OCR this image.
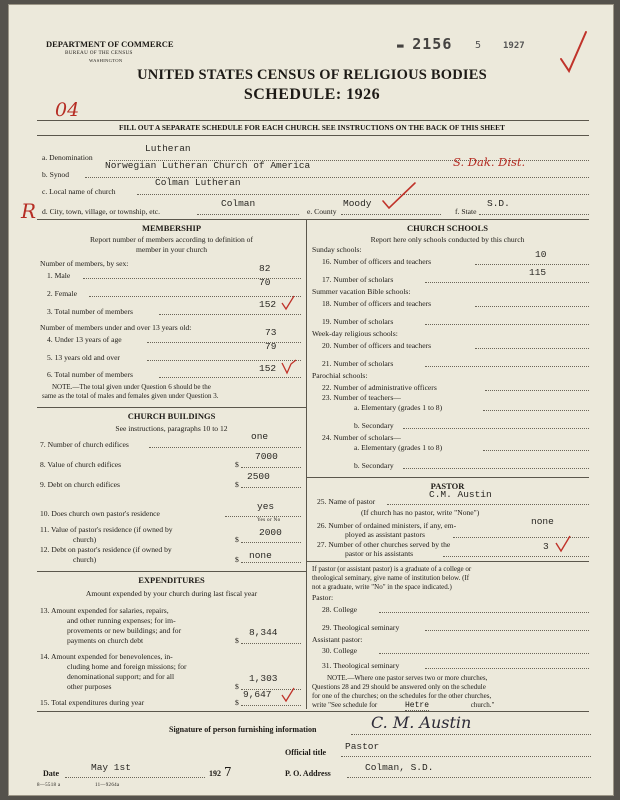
DEPARTMENT OF COMMERCE
BUREAU OF THE CENSUS
WASHINGTON
▬ 2156 5 1927
UNITED STATES CENSUS OF RELIGIOUS BODIES
SCHEDULE: 1926
04
FILL OUT A SEPARATE SCHEDULE FOR EACH CHURCH. SEE INSTRUCTIONS ON THE BACK OF THIS SHEET
a. Denomination
Lutheran
b. Synod
Norwegian Lutheran Church of America	S. Dak. Dist.
c. Local name of church
Colman Lutheran
R d. City, town, village, or township, etc.
Colman
e. County
Moody
f. State
S.D.
MEMBERSHIP
Report number of members according to definition of
member in your church
Number of members, by sex:
1. Male
82
2. Female
70
3. Total number of members
152
Number of members under and over 13 years old:
4. Under 13 years of age
73
5. 13 years old and over
79
6. Total number of members
152
NOTE.—The total given under Question 6 should be the
same as the total of males and females given under Question 3.
CHURCH BUILDINGS
See instructions, paragraphs 10 to 12
7. Number of church edifices
one
8. Value of church edifices	$
7000
9. Debt on church edifices	$
2500
10. Does church own pastor's residence
yes
Yes or No
11. Value of pastor's residence (if owned by
church)	$
2000
12. Debt on pastor's residence (if owned by
church)	$ none
EXPENDITURES
Amount expended by your church during last fiscal year
13. Amount expended for salaries, repairs,
and other running expenses; for im-
provements or new buildings; and for
payments on church debt	$
8,344
14. Amount expended for benevolences, in-
cluding home and foreign missions; for
denominational support; and for all
other purposes	$
1,303
15. Total expenditures during year	$
9,647
CHURCH SCHOOLS
Report here only schools conducted by this church
Sunday schools:
16. Number of officers and teachers
10
17. Number of scholars
115
Summer vacation Bible schools:
18. Number of officers and teachers
19. Number of scholars
Week-day religious schools:
20. Number of officers and teachers
21. Number of scholars
Parochial schools:
22. Number of administrative officers
23. Number of teachers—
a. Elementary (grades 1 to 8)
b. Secondary
24. Number of scholars—
a. Elementary (grades 1 to 8)
b. Secondary
PASTOR
25. Name of pastor
C.M. Austin
(If church has no pastor, write "None")
26. Number of ordained ministers, if any, em-
ployed as assistant pastors
none
27. Number of other churches served by the
pastor or his assistants
3
If pastor (or assistant pastor) is a graduate of a college or
theological seminary, give name of institution below. (If
not a graduate, write "No" in the space indicated.)
Pastor:
28. College
29. Theological seminary
Assistant pastor:
30. College
31. Theological seminary
NOTE.—Where one pastor serves two or more churches,
Questions 28 and 29 should be answered only on the schedule
for one of the churches; on the schedules for the other churches,
write "See schedule for	Hetre	church."
Signature of person furnishing information	C. M. Austin
Official title
Pastor
Date
May 1st
192 7	P. O. Address
Colman, S.D.
8—5518 a	11—9264a
